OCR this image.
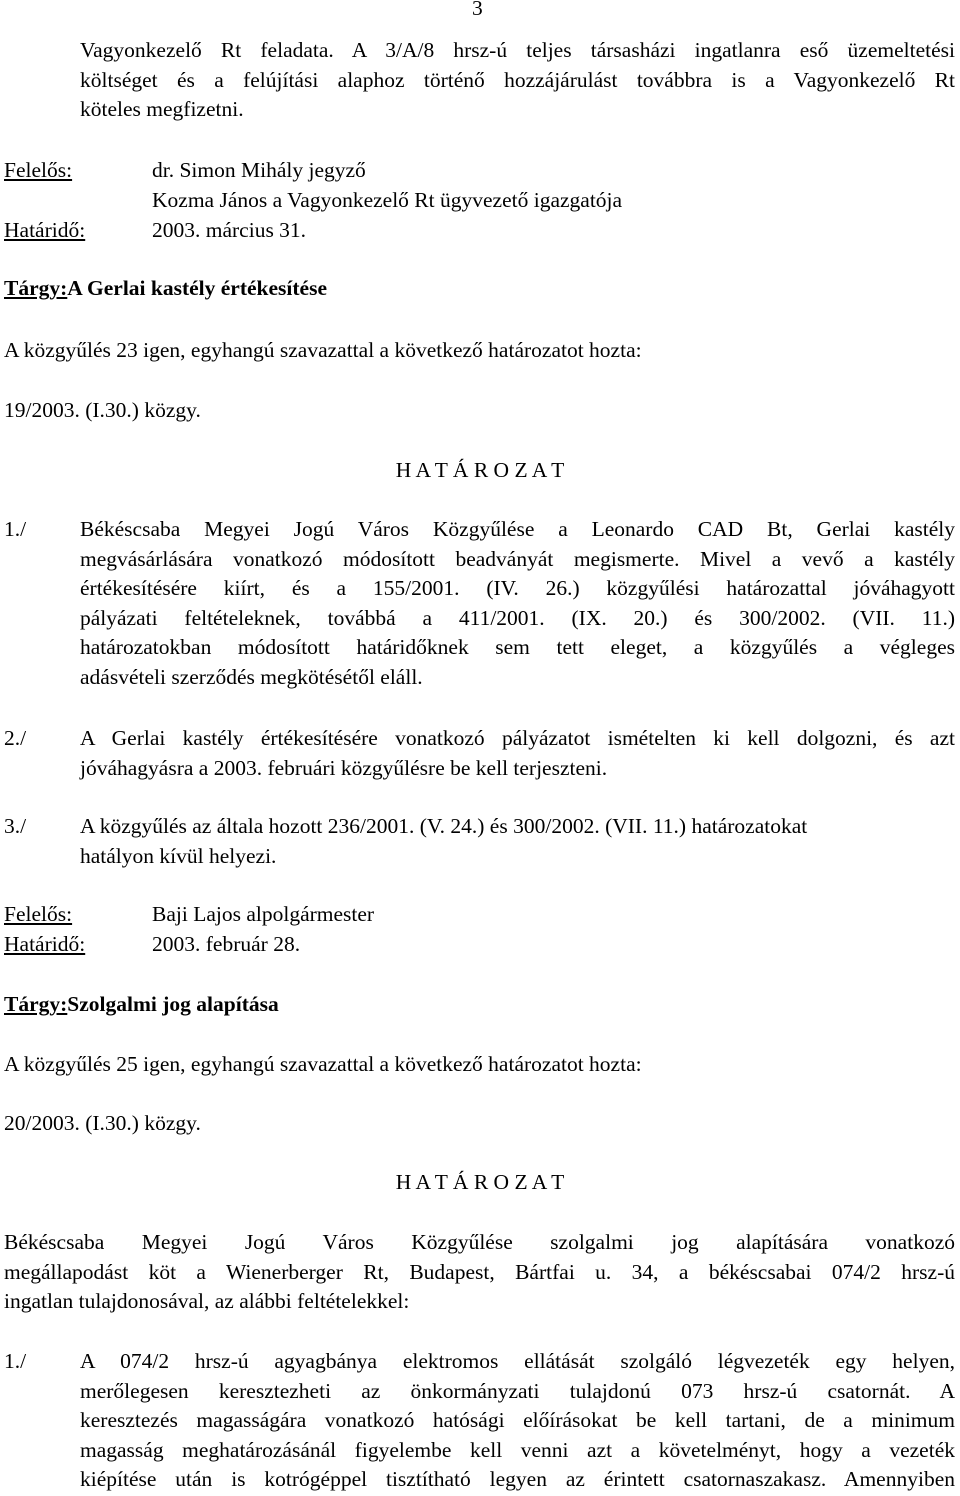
3
Vagyonkezelő Rt feladata. A 3/A/8 hrsz-ú teljes társasházi ingatlanra eső üzemeltetési
költséget és a felújítási alaphoz történő hozzájárulást továbbra is a Vagyonkezelő Rt
köteles megfizetni.
Felelős:	dr. Simon Mihály jegyző
Kozma János a Vagyonkezelő Rt ügyvezető igazgatója
Határidő:	2003. március 31.
Tárgy:A Gerlai kastély értékesítése
A közgyűlés 23 igen, egyhangú szavazattal a következő határozatot hozta:
19/2003. (I.30.) közgy.
H A T Á R O Z A T
1./	Békéscsaba Megyei Jogú Város Közgyűlése a Leonardo CAD Bt, Gerlai kastély
megvásárlására vonatkozó módosított beadványát megismerte. Mivel a vevő a kastély
értékesítésére kiírt, és a 155/2001. (IV. 26.) közgyűlési határozattal jóváhagyott
pályázati feltételeknek, továbbá a 411/2001. (IX. 20.) és 300/2002. (VII. 11.)
határozatokban módosított határidőknek sem tett eleget, a közgyűlés a végleges
adásvételi szerződés megkötésétől eláll.
2./	A Gerlai kastély értékesítésére vonatkozó pályázatot ismételten ki kell dolgozni, és azt
jóváhagyásra a 2003. februári közgyűlésre be kell terjeszteni.
3./	A közgyűlés az általa hozott 236/2001. (V. 24.) és 300/2002. (VII. 11.) határozatokat
hatályon kívül helyezi.
Felelős:	Baji Lajos alpolgármester
Határidő:	2003. február 28.
Tárgy:Szolgalmi jog alapítása
A közgyűlés 25 igen, egyhangú szavazattal a következő határozatot hozta:
20/2003. (I.30.) közgy.
H A T Á R O Z A T
Békéscsaba Megyei Jogú Város Közgyűlése szolgalmi jog alapítására vonatkozó
megállapodást köt a Wienerberger Rt, Budapest, Bártfai u. 34, a békéscsabai 074/2 hrsz-ú
ingatlan tulajdonosával, az alábbi feltételekkel:
1./	A 074/2 hrsz-ú agyagbánya elektromos ellátását szolgáló légvezeték egy helyen,
merőlegesen keresztezheti az önkormányzati tulajdonú 073 hrsz-ú csatornát. A
keresztezés magasságára vonatkozó hatósági előírásokat be kell tartani, de a minimum
magasság meghatározásánál figyelembe kell venni azt a követelményt, hogy a vezeték
kiépítése után is kotrógéppel tisztítható legyen az érintett csatornaszakasz. Amennyiben
